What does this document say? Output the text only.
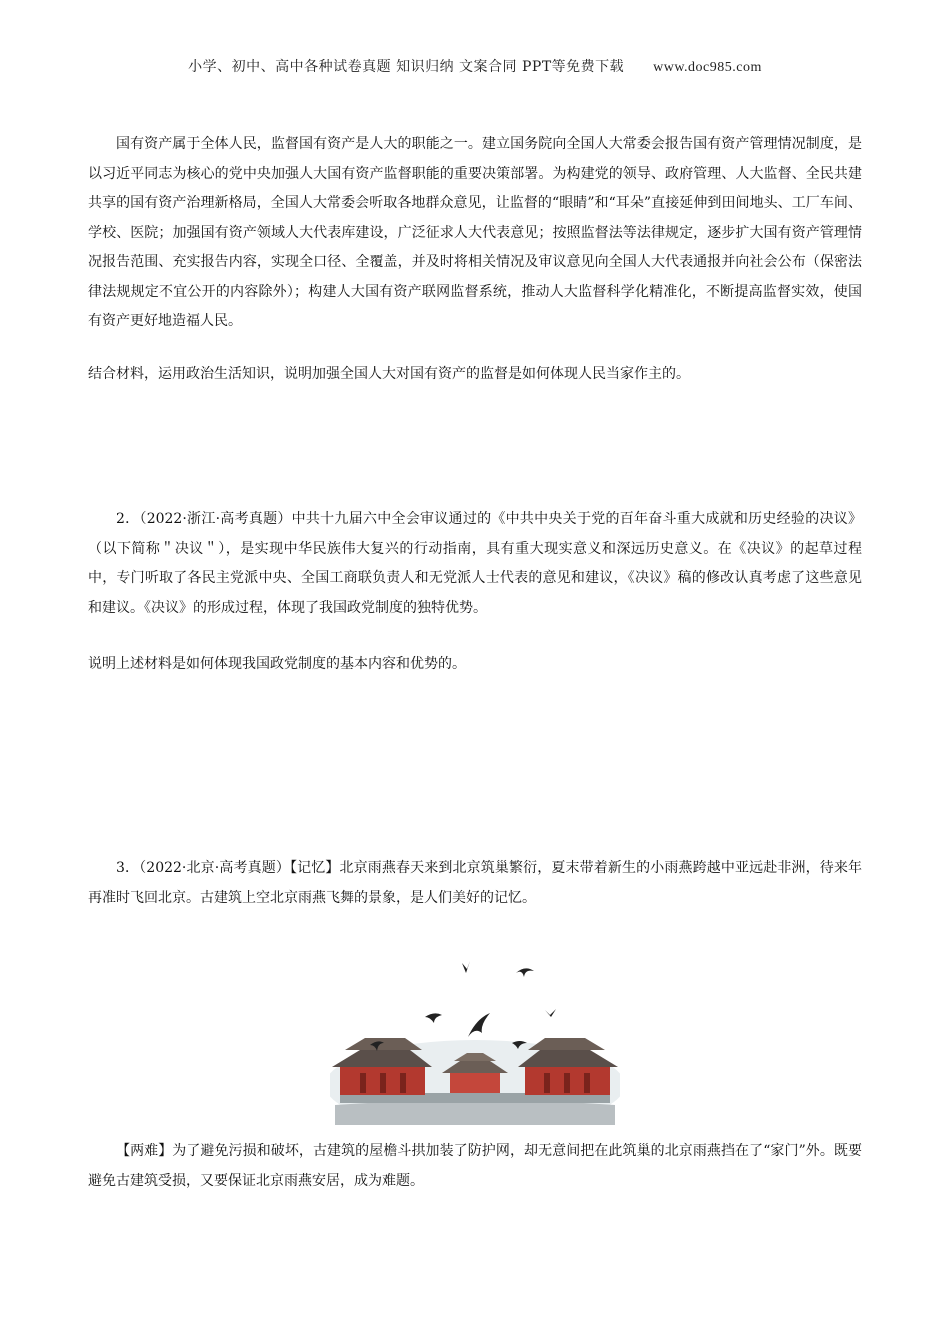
小学、初中、高中各种试卷真题 知识归纳 文案合同 PPT等免费下载 www.doc985.com

国有资产属于全体人民，监督国有资产是人大的职能之一。建立国务院向全国人大常委会报告国有资产管理情况制度，是以习近平同志为核心的党中央加强人大国有资产监督职能的重要决策部署。为构建党的领导、政府管理、人大监督、全民共建共享的国有资产治理新格局，全国人大常委会听取各地群众意见，让监督的“眼睛”和“耳朵”直接延伸到田间地头、工厂车间、学校、医院；加强国有资产领域人大代表库建设，广泛征求人大代表意见；按照监督法等法律规定，逐步扩大国有资产管理情况报告范围、充实报告内容，实现全口径、全覆盖，并及时将相关情况及审议意见向全国人大代表通报并向社会公布（保密法律法规规定不宜公开的内容除外）；构建人大国有资产联网监督系统，推动人大监督科学化精准化，不断提高监督实效，使国有资产更好地造福人民。

结合材料，运用政治生活知识，说明加强全国人大对国有资产的监督是如何体现人民当家作主的。

2．（2022·浙江·高考真题）中共十九届六中全会审议通过的《中共中央关于党的百年奋斗重大成就和历史经验的决议》（以下简称＂决议＂），是实现中华民族伟大复兴的行动指南，具有重大现实意义和深远历史意义。在《决议》的起草过程中，专门听取了各民主党派中央、全国工商联负责人和无党派人士代表的意见和建议，《决议》稿的修改认真考虑了这些意见和建议。《决议》的形成过程，体现了我国政党制度的独特优势。

说明上述材料是如何体现我国政党制度的基本内容和优势的。

3．（2022·北京·高考真题）【记忆】北京雨燕春天来到北京筑巢繁衍，夏末带着新生的小雨燕跨越中亚远赴非洲，待来年再准时飞回北京。古建筑上空北京雨燕飞舞的景象，是人们美好的记忆。

【两难】为了避免污损和破坏，古建筑的屋檐斗拱加装了防护网，却无意间把在此筑巢的北京雨燕挡在了“家门”外。既要避免古建筑受损，又要保证北京雨燕安居，成为难题。
